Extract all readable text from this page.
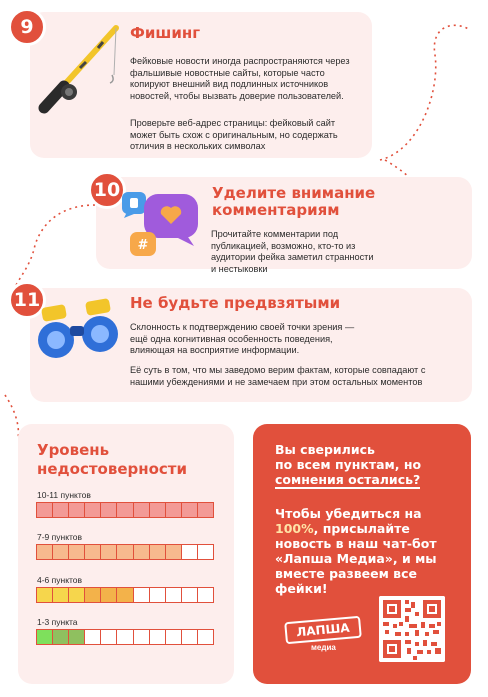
9	Фишинг
Фейковые новости иногда распространяются через фальшивые новостные сайты, которые часто копируют внешний вид подлинных источников новостей, чтобы вызвать доверие пользователей.
Проверьте веб-адрес страницы: фейковый сайт может быть схож с оригинальным, но содержать отличия в нескольких символах
10
#
Уделите внимание комментариям
Прочитайте комментарии под публикацией, возможно, кто-то из аудитории фейка заметил странности и нестыковки
11	Не будьте предвзятыми
Склонность к подтверждению своей точки зрения — ещё одна когнитивная особенность поведения, влияющая на восприятие информации.
Её суть в том, что мы заведомо верим фактам, которые совпадают с нашими убеждениями и не замечаем при этом остальных моментов
Уровень недостоверности
10-11 пунктов
7-9 пунктов
4-6 пунктов
1-3 пункта
Вы сверились
по всем пунктам, но
сомнения остались?
Чтобы убедиться на 100%, присылайте новость в наш чат-бот «Лапша Медиа», и мы вместе развеем все фейки!
ЛАПША
медиа
